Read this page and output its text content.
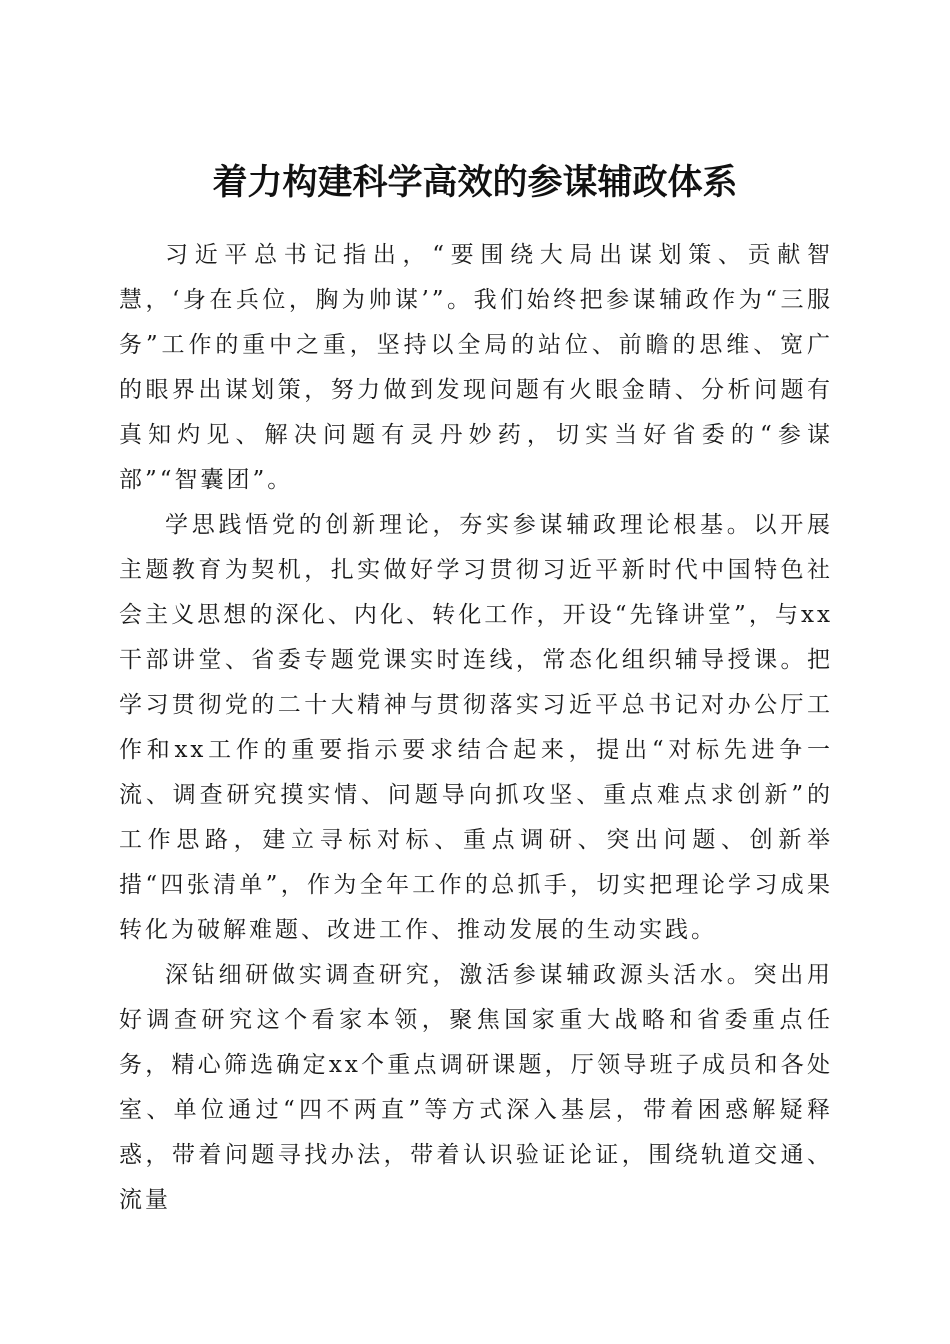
着力构建科学高效的参谋辅政体系

习近平总书记指出，“要围绕大局出谋划策、贡献智慧，‘身在兵位，胸为帅谋’”。我们始终把参谋辅政作为“三服务”工作的重中之重，坚持以全局的站位、前瞻的思维、宽广的眼界出谋划策，努力做到发现问题有火眼金睛、分析问题有真知灼见、解决问题有灵丹妙药，切实当好省委的“参谋部”“智囊团”。

学思践悟党的创新理论，夯实参谋辅政理论根基。以开展主题教育为契机，扎实做好学习贯彻习近平新时代中国特色社会主义思想的深化、内化、转化工作，开设“先锋讲堂”，与xx干部讲堂、省委专题党课实时连线，常态化组织辅导授课。把学习贯彻党的二十大精神与贯彻落实习近平总书记对办公厅工作和xx工作的重要指示要求结合起来，提出“对标先进争一流、调查研究摸实情、问题导向抓攻坚、重点难点求创新”的工作思路，建立寻标对标、重点调研、突出问题、创新举措“四张清单”，作为全年工作的总抓手，切实把理论学习成果转化为破解难题、改进工作、推动发展的生动实践。

深钻细研做实调查研究，激活参谋辅政源头活水。突出用好调查研究这个看家本领，聚焦国家重大战略和省委重点任务，精心筛选确定xx个重点调研课题，厅领导班子成员和各处室、单位通过“四不两直”等方式深入基层，带着困惑解疑释惑，带着问题寻找办法，带着认识验证论证，围绕轨道交通、流量
